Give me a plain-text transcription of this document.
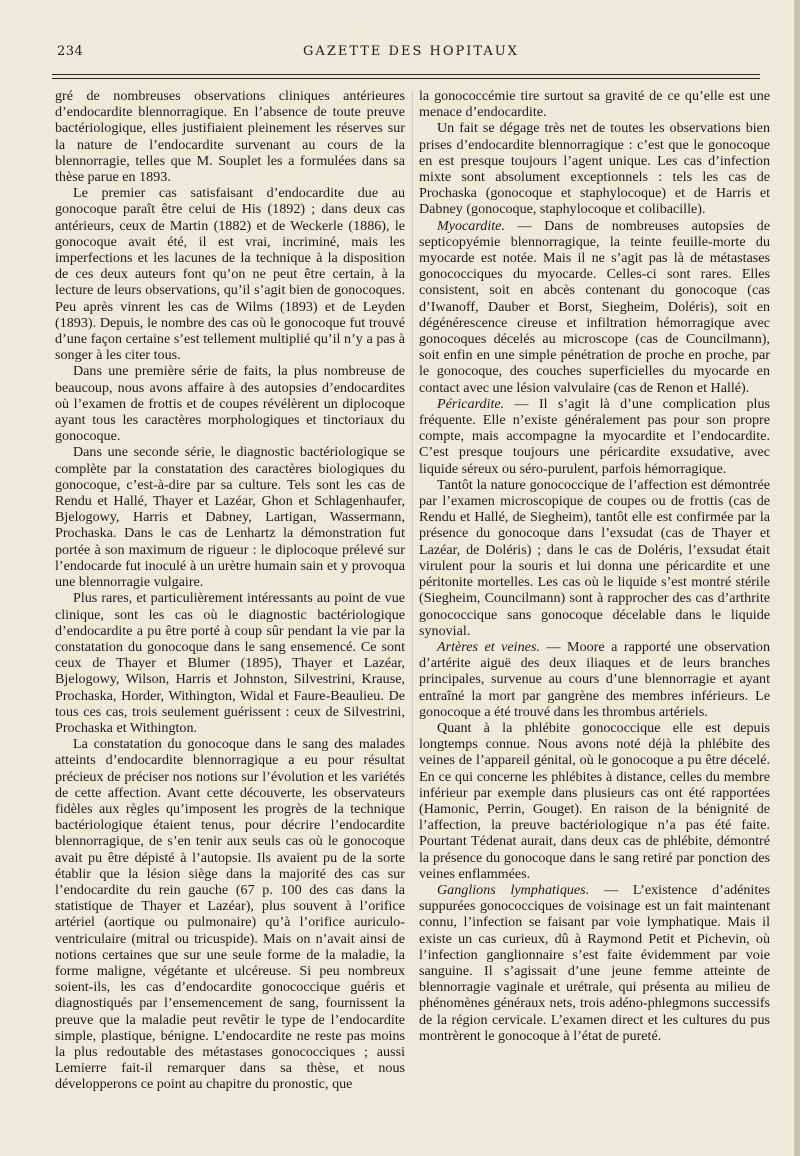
234	GAZETTE DES HOPITAUX

gré de nombreuses observations cliniques antérieures d’endocardite blennorragique. En l’absence de toute preuve bactériologique, elles justifiaient pleinement les réserves sur la nature de l’endocardite survenant au cours de la blennorragie, telles que M. Souplet les a formulées dans sa thèse parue en 1893.

Le premier cas satisfaisant d’endocardite due au gonocoque paraît être celui de His (1892) ; dans deux cas antérieurs, ceux de Martin (1882) et de Weckerle (1886), le gonocoque avait été, il est vrai, incriminé, mais les imperfections et les lacunes de la technique à la disposition de ces deux auteurs font qu’on ne peut être certain, à la lecture de leurs observations, qu’il s’agit bien de gonocoques. Peu après vinrent les cas de Wilms (1893) et de Leyden (1893). Depuis, le nombre des cas où le gonocoque fut trouvé d’une façon certaine s’est tellement multiplié qu’il n’y a pas à songer à les citer tous.

Dans une première série de faits, la plus nombreuse de beaucoup, nous avons affaire à des autopsies d’endocardites où l’examen de frottis et de coupes révélèrent un diplocoque ayant tous les caractères morphologiques et tinctoriaux du gonocoque.

Dans une seconde série, le diagnostic bactériologique se complète par la constatation des caractères biologiques du gonocoque, c’est-à-dire par sa culture. Tels sont les cas de Rendu et Hallé, Thayer et Lazéar, Ghon et Schlagenhaufer, Bjelogowy, Harris et Dabney, Lartigan, Wassermann, Prochaska. Dans le cas de Lenhartz la démonstration fut portée à son maximum de rigueur : le diplocoque prélevé sur l’endocarde fut inoculé à un urètre humain sain et y provoqua une blennorragie vulgaire.

Plus rares, et particulièrement intéressants au point de vue clinique, sont les cas où le diagnostic bactériologique d’endocardite a pu être porté à coup sûr pendant la vie par la constatation du gonocoque dans le sang ensemencé. Ce sont ceux de Thayer et Blumer (1895), Thayer et Lazéar, Bjelogowy, Wilson, Harris et Johnston, Silvestrini, Krause, Prochaska, Horder, Withington, Widal et Faure-Beaulieu. De tous ces cas, trois seulement guérissent : ceux de Silvestrini, Prochaska et Withington.

La constatation du gonocoque dans le sang des malades atteints d’endocardite blennorragique a eu pour résultat précieux de préciser nos notions sur l’évolution et les variétés de cette affection. Avant cette découverte, les observateurs fidèles aux règles qu’imposent les progrès de la technique bactériologique étaient tenus, pour décrire l’endocardite blennorragique, de s’en tenir aux seuls cas où le gonocoque avait pu être dépisté à l’autopsie. Ils avaient pu de la sorte établir que la lésion siège dans la majorité des cas sur l’endocardite du rein gauche (67 p. 100 des cas dans la statistique de Thayer et Lazéar), plus souvent à l’orifice artériel (aortique ou pulmonaire) qu’à l’orifice auriculo-ventriculaire (mitral ou tricuspide). Mais on n’avait ainsi de notions certaines que sur une seule forme de la maladie, la forme maligne, végétante et ulcéreuse. Si peu nombreux soient-ils, les cas d’endocardite gonococcique guéris et diagnostiqués par l’ensemencement de sang, fournissent la preuve que la maladie peut revêtir le type de l’endocardite simple, plastique, bénigne. L’endocardite ne reste pas moins la plus redoutable des métastases gonococciques ; aussi Lemierre fait-il remarquer dans sa thèse, et nous développerons ce point au chapitre du pronostic, que

la gonococcémie tire surtout sa gravité de ce qu’elle est une menace d’endocardite.

Un fait se dégage très net de toutes les observations bien prises d’endocardite blennorragique : c’est que le gonocoque en est presque toujours l’agent unique. Les cas d’infection mixte sont absolument exceptionnels : tels les cas de Prochaska (gonocoque et staphylocoque) et de Harris et Dabney (gonocoque, staphylocoque et colibacille).

Myocardite. — Dans de nombreuses autopsies de septicopyémie blennorragique, la teinte feuille-morte du myocarde est notée. Mais il ne s’agit pas là de métastases gonococciques du myocarde. Celles-ci sont rares. Elles consistent, soit en abcès contenant du gonocoque (cas d’Iwanoff, Dauber et Borst, Siegheim, Doléris), soit en dégénérescence cireuse et infiltration hémorragique avec gonocoques décelés au microscope (cas de Councilmann), soit enfin en une simple pénétration de proche en proche, par le gonocoque, des couches superficielles du myocarde en contact avec une lésion valvulaire (cas de Renon et Hallé).

Péricardite. — Il s’agit là d’une complication plus fréquente. Elle n’existe généralement pas pour son propre compte, mais accompagne la myocardite et l’endocardite. C’est presque toujours une péricardite exsudative, avec liquide séreux ou séro-purulent, parfois hémorragique.

Tantôt la nature gonococcique de l’affection est démontrée par l’examen microscopique de coupes ou de frottis (cas de Rendu et Hallé, de Siegheim), tantôt elle est confirmée par la présence du gonocoque dans l’exsudat (cas de Thayer et Lazéar, de Doléris) ; dans le cas de Doléris, l’exsudat était virulent pour la souris et lui donna une péricardite et une péritonite mortelles. Les cas où le liquide s’est montré stérile (Siegheim, Councilmann) sont à rapprocher des cas d’arthrite gonococcique sans gonocoque décelable dans le liquide synovial.

Artères et veines. — Moore a rapporté une observation d’artérite aiguë des deux iliaques et de leurs branches principales, survenue au cours d’une blennorragie et ayant entraîné la mort par gangrène des membres inférieurs. Le gonocoque a été trouvé dans les thrombus artériels.

Quant à la phlébite gonococcique elle est depuis longtemps connue. Nous avons noté déjà la phlébite des veines de l’appareil génital, où le gonocoque a pu être décelé. En ce qui concerne les phlébites à distance, celles du membre inférieur par exemple dans plusieurs cas ont été rapportées (Hamonic, Perrin, Gouget). En raison de la bénignité de l’affection, la preuve bactériologique n’a pas été faite. Pourtant Tédenat aurait, dans deux cas de phlébite, démontré la présence du gonocoque dans le sang retiré par ponction des veines enflammées.

Ganglions lymphatiques. — L’existence d’adénites suppurées gonococciques de voisinage est un fait maintenant connu, l’infection se faisant par voie lymphatique. Mais il existe un cas curieux, dû à Raymond Petit et Pichevin, où l’infection ganglionnaire s’est faite évidemment par voie sanguine. Il s’agissait d’une jeune femme atteinte de blennorragie vaginale et urétrale, qui présenta au milieu de phénomènes généraux nets, trois adéno-phlegmons successifs de la région cervicale. L’examen direct et les cultures du pus montrèrent le gonocoque à l’état de pureté.
